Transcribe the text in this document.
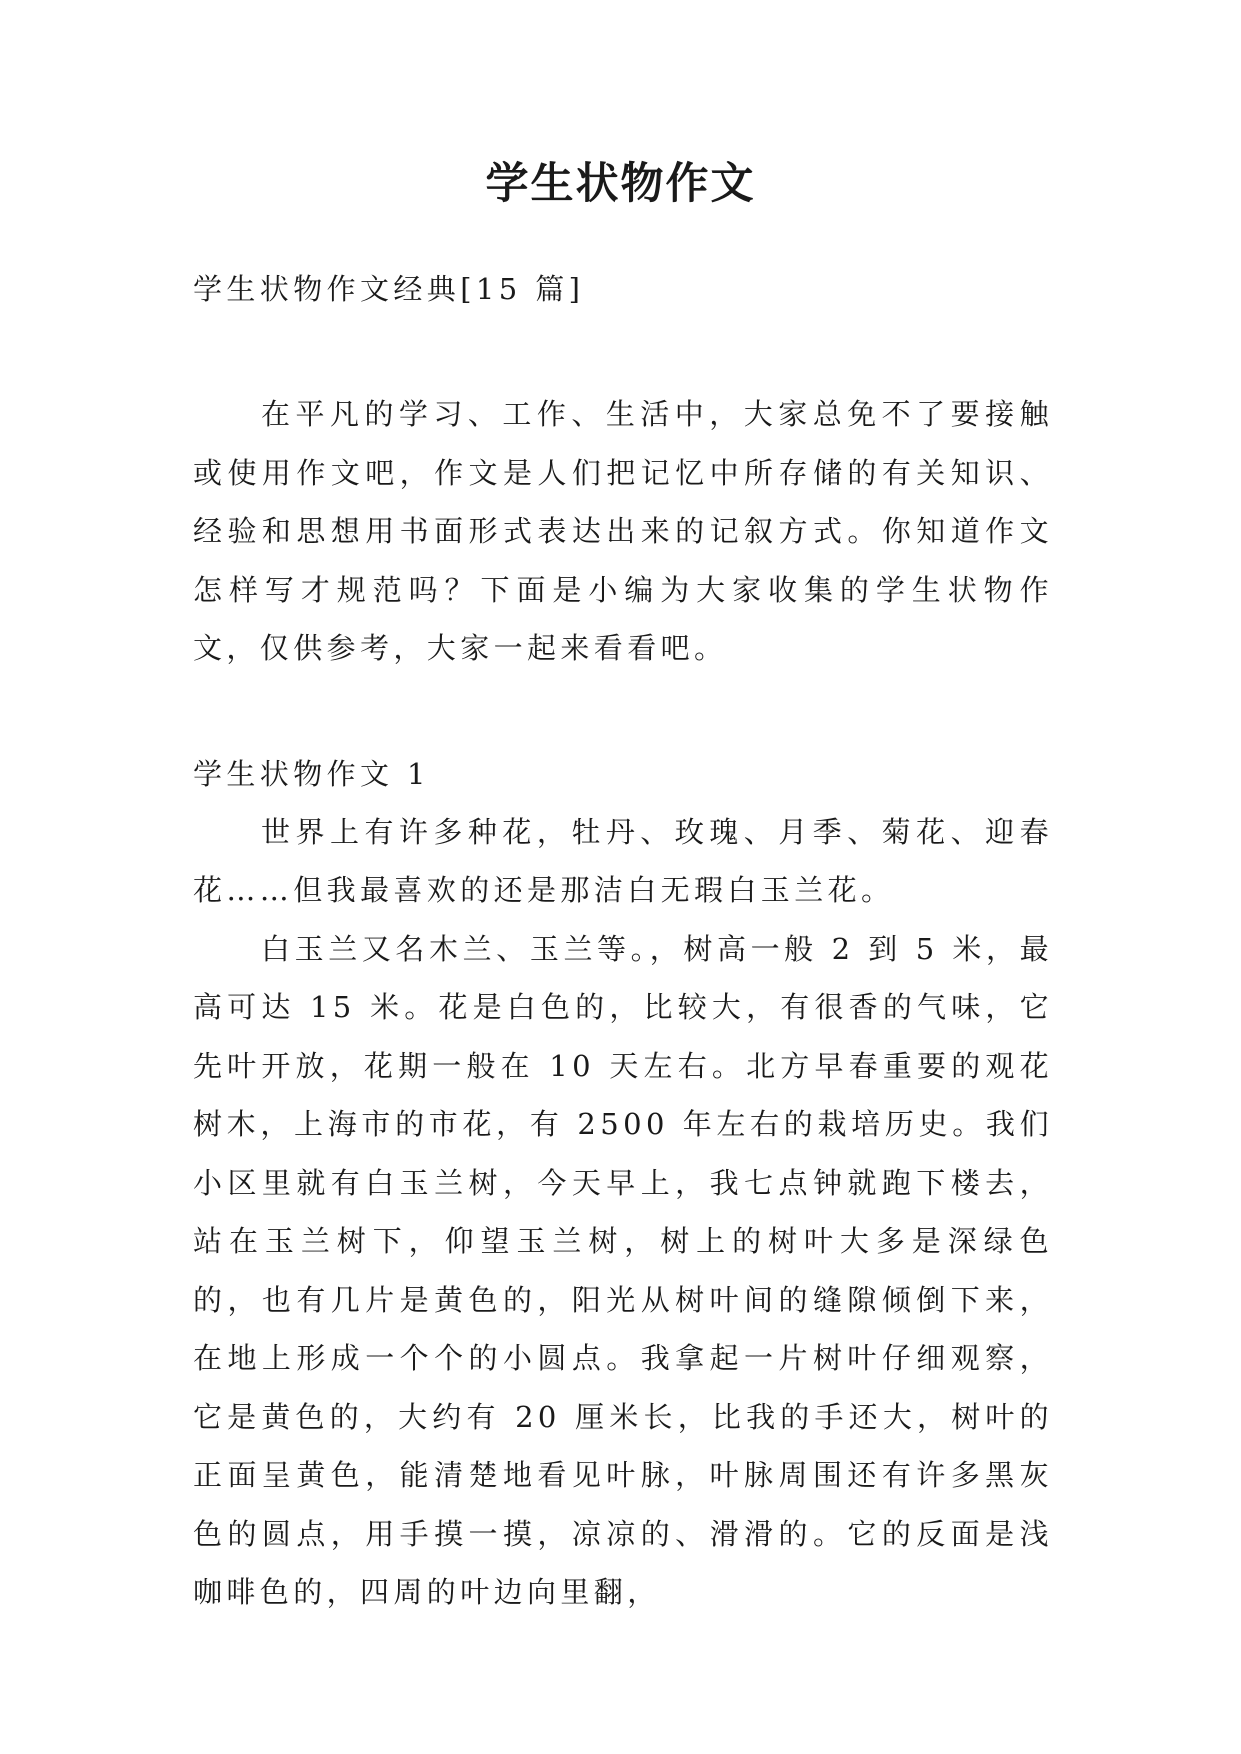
学生状物作文

学生状物作文经典[15 篇]

在平凡的学习、工作、生活中，大家总免不了要接触或使用作文吧，作文是人们把记忆中所存储的有关知识、经验和思想用书面形式表达出来的记叙方式。你知道作文怎样写才规范吗？下面是小编为大家收集的学生状物作文，仅供参考，大家一起来看看吧。

学生状物作文 1

世界上有许多种花，牡丹、玫瑰、月季、菊花、迎春花……但我最喜欢的还是那洁白无瑕白玉兰花。

白玉兰又名木兰、玉兰等。，树高一般 2 到 5 米，最高可达 15 米。花是白色的，比较大，有很香的气味，它先叶开放，花期一般在 10 天左右。北方早春重要的观花树木，上海市的市花，有 2500 年左右的栽培历史。我们小区里就有白玉兰树，今天早上，我七点钟就跑下楼去，站在玉兰树下，仰望玉兰树，树上的树叶大多是深绿色的，也有几片是黄色的，阳光从树叶间的缝隙倾倒下来，在地上形成一个个的小圆点。我拿起一片树叶仔细观察，它是黄色的，大约有 20 厘米长，比我的手还大，树叶的正面呈黄色，能清楚地看见叶脉，叶脉周围还有许多黑灰色的圆点，用手摸一摸，凉凉的、滑滑的。它的反面是浅咖啡色的，四周的叶边向里翻，
